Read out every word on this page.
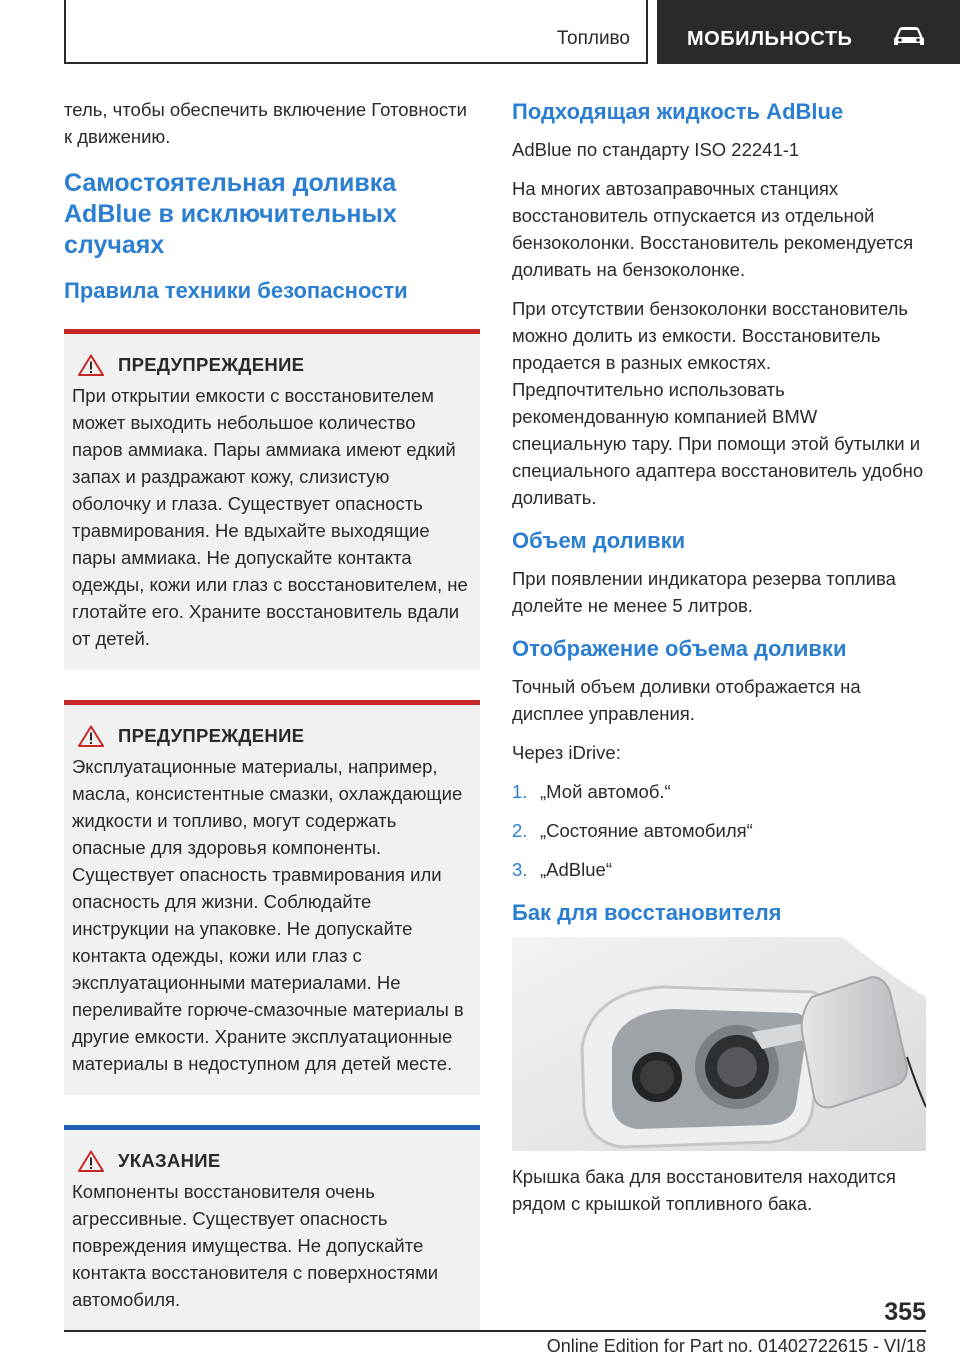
Топливо	МОБИЛЬНОСТЬ

тель, чтобы обеспечить включение Готовности к движению.

Самостоятельная доливка AdBlue в исключительных случаях
Правила техники безопасности
ПРЕДУПРЕЖДЕНИЕ

При открытии емкости с восстановителем может выходить небольшое количество паров аммиака. Пары аммиака имеют едкий запах и раздражают кожу, слизистую оболочку и глаза. Существует опасность травмирования. Не вдыхайте выходящие пары аммиака. Не допускайте контакта одежды, кожи или глаз с восстановителем, не глотайте его. Храните восстановитель вдали от детей.

ПРЕДУПРЕЖДЕНИЕ

Эксплуатационные материалы, например, масла, консистентные смазки, охлаждающие жидкости и топливо, могут содержать опасные для здоровья компоненты. Существует опасность травмирования или опасность для жизни. Соблюдайте инструкции на упаковке. Не допускайте контакта одежды, кожи или глаз с эксплуатационными материалами. Не переливайте горюче-смазочные материалы в другие емкости. Храните эксплуатационные материалы в недоступном для детей месте.

УКАЗАНИЕ

Компоненты восстановителя очень агрессивные. Существует опасность повреждения имущества. Не допускайте контакта восстановителя с поверхностями автомобиля.

Подходящая жидкость AdBlue

AdBlue по стандарту ISO 22241-1

На многих автозаправочных станциях восстановитель отпускается из отдельной бензоколонки. Восстановитель рекомендуется доливать на бензоколонке.

При отсутствии бензоколонки восстановитель можно долить из емкости. Восстановитель продается в разных емкостях. Предпочтительно использовать рекомендованную компанией BMW специальную тару. При помощи этой бутылки и специального адаптера восстановитель удобно доливать.

Объем доливки

При появлении индикатора резерва топлива долейте не менее 5 литров.

Отображение объема доливки

Точный объем доливки отображается на дисплее управления.

Через iDrive:

1. „Мой автомоб.“
2. „Состояние автомобиля“
3. „AdBlue“
Бак для восстановителя

Крышка бака для восстановителя находится рядом с крышкой топливного бака.

355
Online Edition for Part no. 01402722615 - VI/18
